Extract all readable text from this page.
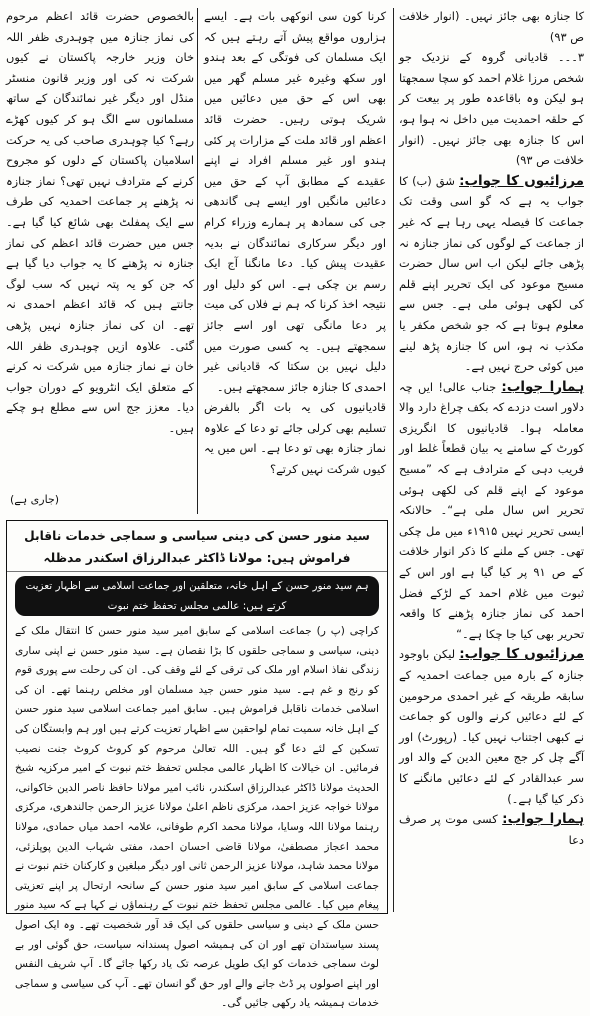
کا جنازہ بھی جائز نہیں۔ (انوار خلافت ص ۹۳)

۳۔۔۔ قادیانی گروہ کے نزدیک جو شخص مرزا غلام احمد کو سچا سمجھتا ہو لیکن وہ باقاعدہ طور پر بیعت کر کے حلقہ احمدیت میں داخل نہ ہوا ہو، اس کا جنازہ بھی جائز نہیں۔ (انوار خلافت ص ۹۳)

مرزائیوں کا جواب: شق (ب) کا جواب یہ ہے کہ گو اسی وقت تک جماعت کا فیصلہ یہی رہا ہے کہ غیر از جماعت کے لوگوں کی نماز جنازہ نہ پڑھی جائے لیکن اب اس سال حضرت مسیح موعود کی ایک تحریر اپنے قلم کی لکھی ہوئی ملی ہے۔ جس سے معلوم ہوتا ہے کہ جو شخص مکفر یا مکذب نہ ہو، اس کا جنازہ پڑھ لینے میں کوئی حرج نہیں ہے۔

ہمارا جواب: جناب عالی! ایں چہ دلاور است دزدے کہ بکف چراغ دارد والا معاملہ ہوا۔ قادیانیوں کا انگریزی کورٹ کے سامنے یہ بیان قطعاً غلط اور فریب دہی کے مترادف ہے کہ ”مسیح موعود کے اپنے قلم کی لکھی ہوئی تحریر اس سال ملی ہے“۔ حالانکہ ایسی تحریر نہیں ۱۹۱۵ء میں مل چکی تھی۔ جس کے ملنے کا ذکر انوار خلافت کے ص ۹۱ پر کیا گیا ہے اور اس کے ثبوت میں غلام احمد کے لڑکے فضل احمد کی نماز جنازہ پڑھنے کا واقعہ تحریر بھی کیا جا چکا ہے۔“

مرزائیوں کا جواب: لیکن باوجود جنازہ کے بارہ میں جماعت احمدیہ کے سابقہ طریقہ کے غیر احمدی مرحومین کے لئے دعائیں کرنے والوں کو جماعت نے کبھی اجتناب نہیں کیا۔ (رپورٹ) اور آگے چل کر جج معین الدین کے والد اور سر عبدالقادر کے لئے دعائیں مانگنے کا ذکر کیا گیا ہے۔)

ہمارا جواب: کسی موت پر صرف دعا

کرنا کون سی انوکھی بات ہے۔ ایسے ہزاروں مواقع پیش آتے رہتے ہیں کہ ایک مسلمان کی فوتگی کے بعد ہندو اور سکھ وغیرہ غیر مسلم گھر میں بھی اس کے حق میں دعائیں میں شریک ہوتی رہیں۔ حضرت قائد اعظم اور قائد ملت کے مزارات پر کئی ہندو اور غیر مسلم افراد نے اپنے عقیدے کے مطابق آپ کے حق میں دعائیں مانگیں اور ایسے ہی گاندھی جی کی سمادھ پر ہمارے وزراء کرام اور دیگر سرکاری نمائندگان نے بدیہ عقیدت پیش کیا۔ دعا مانگنا آج ایک رسم بن چکی ہے۔ اس کو دلیل اور نتیجہ اخذ کرنا کہ ہم نے فلاں کی میت پر دعا مانگی تھی اور اسے جائز سمجھتے ہیں۔ یہ کسی صورت میں دلیل نہیں بن سکتا کہ قادیانی غیر احمدی کا جنازہ جائز سمجھتے ہیں۔

قادیانیوں کی یہ بات اگر بالفرض تسلیم بھی کرلی جائے تو دعا کے علاوہ نماز جنازہ بھی تو دعا ہے۔ اس میں یہ کیوں شرکت نہیں کرتے؟

بالخصوص حضرت قائد اعظم مرحوم کی نماز جنازہ میں چوہدری ظفر اللہ خان وزیر خارجہ پاکستان نے کیوں شرکت نہ کی اور وزیر قانون منسٹر منڈل اور دیگر غیر نمائندگان کے ساتھ مسلمانوں سے الگ ہو کر کیوں کھڑے رہے؟ کیا چوہدری صاحب کی یہ حرکت اسلامیان پاکستان کے دلوں کو مجروح کرنے کے مترادف نہیں تھی؟ نماز جنازہ نہ پڑھنے پر جماعت احمدیہ کی طرف سے ایک پمفلٹ بھی شائع کیا گیا ہے۔ جس میں حضرت قائد اعظم کی نماز جنازہ نہ پڑھنے کا یہ جواب دیا گیا ہے کہ جن کو یہ پتہ نہیں کہ سب لوگ جانتے ہیں کہ قائد اعظم احمدی نہ تھے۔ ان کی نماز جنازہ نہیں پڑھی گئی۔ علاوہ ازیں چوہدری ظفر اللہ خان نے نماز جنازہ میں شرکت نہ کرنے کے متعلق ایک انٹرویو کے دوران جواب دیا۔ معزز جج اس سے مطلع ہو چکے ہیں۔

(جاری ہے)
سید منور حسن کی دینی سیاسی و سماجی خدمات ناقابل فراموش ہیں: مولانا ڈاکٹر عبدالرزاق اسکندر مدظلہ
ہم سید منور حسن کے اہل خانہ، متعلقین اور جماعت اسلامی سے اظہار تعزیت کرتے ہیں: عالمی مجلس تحفظ ختم نبوت

کراچی (پ ر) جماعت اسلامی کے سابق امیر سید منور حسن کا انتقال ملک کے دینی، سیاسی و سماجی حلقوں کا بڑا نقصان ہے۔ سید منور حسن نے اپنی ساری زندگی نفاذ اسلام اور ملک کی ترقی کے لئے وقف کی۔ ان کی رحلت سے پوری قوم کو رنج و غم ہے۔ سید منور حسن جید مسلمان اور مخلص رہنما تھے۔ ان کی اسلامی خدمات ناقابل فراموش ہیں۔ سابق امیر جماعت اسلامی سید منور حسن کے اہل خانہ سمیت تمام لواحقین سے اظہار تعزیت کرتے ہیں اور ہم وابستگان کی تسکین کے لئے دعا گو ہیں۔ اللہ تعالیٰ مرحوم کو کروٹ کروٹ جنت نصیب فرمائیں۔ ان خیالات کا اظہار عالمی مجلس تحفظ ختم نبوت کے امیر مرکزیہ شیخ الحدیث مولانا ڈاکٹر عبدالرزاق اسکندر، نائب امیر مولانا حافظ ناصر الدین خاکوانی، مولانا خواجہ عزیز احمد، مرکزی ناظم اعلیٰ مولانا عزیز الرحمن جالندھری، مرکزی رہنما مولانا اللہ وسایا، مولانا محمد اکرم طوفانی، علامہ احمد میاں حمادی، مولانا محمد اعجاز مصطفیٰ، مولانا قاضی احسان احمد، مفتی شہاب الدین پوپلزئی، مولانا محمد شاہد، مولانا عزیز الرحمن ثانی اور دیگر مبلغین و کارکنان ختم نبوت نے جماعت اسلامی کے سابق امیر سید منور حسن کے سانحہ ارتحال پر اپنے تعزیتی پیغام میں کیا۔ عالمی مجلس تحفظ ختم نبوت کے رہنماؤں نے کہا ہے کہ سید منور حسن ملک کے دینی و سیاسی حلقوں کی ایک قد آور شخصیت تھے۔ وہ ایک اصول پسند سیاستدان تھے اور ان کی ہمیشہ اصول پسندانہ سیاست، حق گوئی اور بے لوث سماجی خدمات کو ایک طویل عرصہ تک یاد رکھا جائے گا۔ آپ شریف النفس اور اپنے اصولوں پر ڈٹ جانے والے اور حق گو انسان تھے۔ آپ کی سیاسی و سماجی خدمات ہمیشہ یاد رکھی جائیں گی۔
